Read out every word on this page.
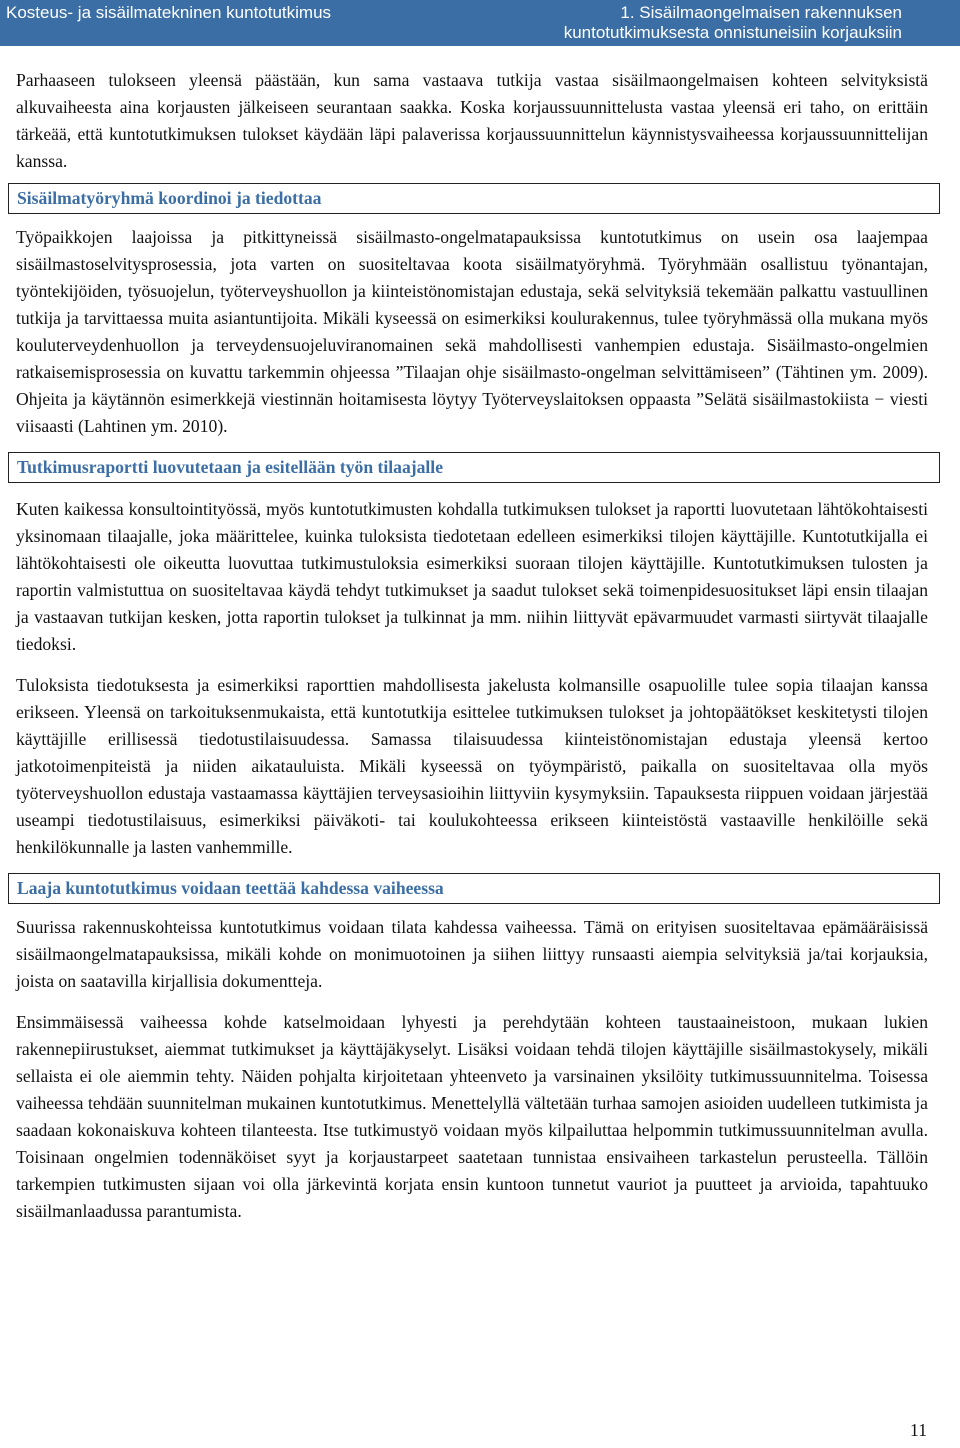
Kosteus- ja sisäilmatekninen kuntotutkimus	1. Sisäilmaongelmaisen rakennuksen
kuntotutkimuksesta onnistuneisiin korjauksiin

Parhaaseen tulokseen yleensä päästään, kun sama vastaava tutkija vastaa sisäilmaongelmaisen kohteen selvityksistä alkuvaiheesta aina korjausten jälkeiseen seurantaan saakka. Koska korjaussuunnittelusta vastaa yleensä eri taho, on erittäin tärkeää, että kuntotutkimuksen tulokset käydään läpi palaverissa korjaussuunnittelun käynnistysvaiheessa korjaussuunnittelijan kanssa.

Sisäilmatyöryhmä koordinoi ja tiedottaa

Työpaikkojen laajoissa ja pitkittyneissä sisäilmasto-ongelmatapauksissa kuntotutkimus on usein osa laajempaa sisäilmastoselvitysprosessia, jota varten on suositeltavaa koota sisäilmatyöryhmä. Työryhmään osallistuu työnantajan, työntekijöiden, työsuojelun, työterveyshuollon ja kiinteistönomistajan edustaja, sekä selvityksiä tekemään palkattu vastuullinen tutkija ja tarvittaessa muita asiantuntijoita. Mikäli kyseessä on esimerkiksi koulurakennus, tulee työryhmässä olla mukana myös kouluterveydenhuollon ja terveydensuojeluviranomainen sekä mahdollisesti vanhempien edustaja. Sisäilmasto-ongelmien ratkaisemisprosessia on kuvattu tarkemmin ohjeessa ”Tilaajan ohje sisäilmasto-ongelman selvittämiseen” (Tähtinen ym. 2009). Ohjeita ja käytännön esimerkkejä viestinnän hoitamisesta löytyy Työterveyslaitoksen oppaasta ”Selätä sisäilmastokiista − viesti viisaasti (Lahtinen ym. 2010).

Tutkimusraportti luovutetaan ja esitellään työn tilaajalle

Kuten kaikessa konsultointityössä, myös kuntotutkimusten kohdalla tutkimuksen tulokset ja raportti luovutetaan lähtökohtaisesti yksinomaan tilaajalle, joka määrittelee, kuinka tuloksista tiedotetaan edelleen esimerkiksi tilojen käyttäjille. Kuntotutkijalla ei lähtökohtaisesti ole oikeutta luovuttaa tutkimustuloksia esimerkiksi suoraan tilojen käyttäjille. Kuntotutkimuksen tulosten ja raportin valmistuttua on suositeltavaa käydä tehdyt tutkimukset ja saadut tulokset sekä toimenpidesuositukset läpi ensin tilaajan ja vastaavan tutkijan kesken, jotta raportin tulokset ja tulkinnat ja mm. niihin liittyvät epävarmuudet varmasti siirtyvät tilaajalle tiedoksi.

Tuloksista tiedotuksesta ja esimerkiksi raporttien mahdollisesta jakelusta kolmansille osapuolille tulee sopia tilaajan kanssa erikseen. Yleensä on tarkoituksenmukaista, että kuntotutkija esittelee tutkimuksen tulokset ja johtopäätökset keskitetysti tilojen käyttäjille erillisessä tiedotustilaisuudessa. Samassa tilaisuudessa kiinteistönomistajan edustaja yleensä kertoo jatkotoimenpiteistä ja niiden aikatauluista. Mikäli kyseessä on työympäristö, paikalla on suositeltavaa olla myös työterveyshuollon edustaja vastaamassa käyttäjien terveysasioihin liittyviin kysymyksiin. Tapauksesta riippuen voidaan järjestää useampi tiedotustilaisuus, esimerkiksi päiväkoti- tai koulukohteessa erikseen kiinteistöstä vastaaville henkilöille sekä henkilökunnalle ja lasten vanhemmille.

Laaja kuntotutkimus voidaan teettää kahdessa vaiheessa

Suurissa rakennuskohteissa kuntotutkimus voidaan tilata kahdessa vaiheessa. Tämä on erityisen suositeltavaa epämääräisissä sisäilmaongelmatapauksissa, mikäli kohde on monimuotoinen ja siihen liittyy runsaasti aiempia selvityksiä ja/tai korjauksia, joista on saatavilla kirjallisia dokumentteja.

Ensimmäisessä vaiheessa kohde katselmoidaan lyhyesti ja perehdytään kohteen taustaaineistoon, mukaan lukien rakennepiirustukset, aiemmat tutkimukset ja käyttäjäkyselyt. Lisäksi voidaan tehdä tilojen käyttäjille sisäilmastokysely, mikäli sellaista ei ole aiemmin tehty. Näiden pohjalta kirjoitetaan yhteenveto ja varsinainen yksilöity tutkimussuunnitelma. Toisessa vaiheessa tehdään suunnitelman mukainen kuntotutkimus. Menettelyllä vältetään turhaa samojen asioiden uudelleen tutkimista ja saadaan kokonaiskuva kohteen tilanteesta. Itse tutkimustyö voidaan myös kilpailuttaa helpommin tutkimussuunnitelman avulla. Toisinaan ongelmien todennäköiset syyt ja korjaustarpeet saatetaan tunnistaa ensivaiheen tarkastelun perusteella. Tällöin tarkempien tutkimusten sijaan voi olla järkevintä korjata ensin kuntoon tunnetut vauriot ja puutteet ja arvioida, tapahtuuko sisäilmanlaadussa parantumista.

11
